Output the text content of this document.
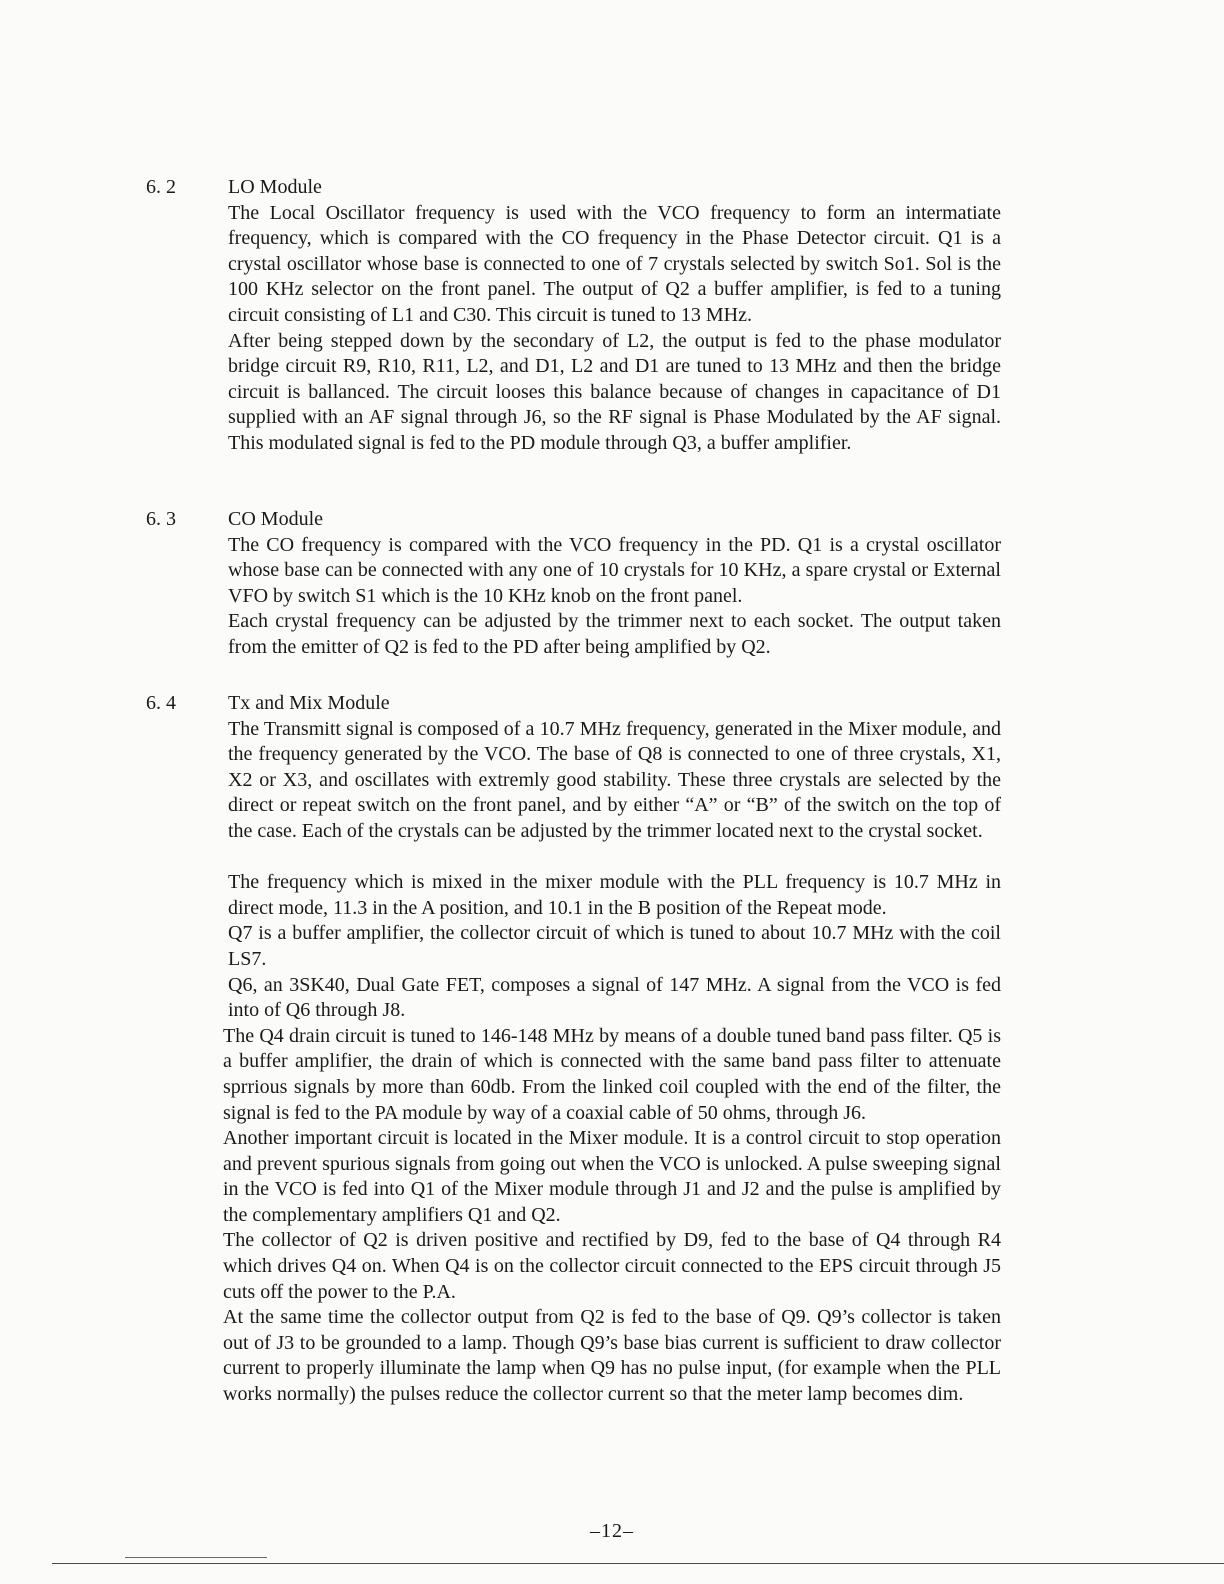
6. 2	LO Module

The Local Oscillator frequency is used with the VCO frequency to form an intermatiate frequency, which is compared with the CO frequency in the Phase Detector circuit. Q1 is a crystal oscillator whose base is connected to one of 7 crystals selected by switch So1. Sol is the 100 KHz selector on the front panel. The output of Q2 a buffer amplifier, is fed to a tuning circuit consisting of L1 and C30. This circuit is tuned to 13 MHz.

After being stepped down by the secondary of L2, the output is fed to the phase modulator bridge circuit R9, R10, R11, L2, and D1, L2 and D1 are tuned to 13 MHz and then the bridge circuit is ballanced. The circuit looses this balance because of changes in capacitance of D1 supplied with an AF signal through J6, so the RF signal is Phase Modulated by the AF signal. This modulated signal is fed to the PD module through Q3, a buffer amplifier.

6. 3	CO Module

The CO frequency is compared with the VCO frequency in the PD. Q1 is a crystal oscillator whose base can be connected with any one of 10 crystals for 10 KHz, a spare crystal or External VFO by switch S1 which is the 10 KHz knob on the front panel.

Each crystal frequency can be adjusted by the trimmer next to each socket. The output taken from the emitter of Q2 is fed to the PD after being amplified by Q2.

6. 4	Tx and Mix Module

The Transmitt signal is composed of a 10.7 MHz frequency, generated in the Mixer module, and the frequency generated by the VCO. The base of Q8 is connected to one of three crystals, X1, X2 or X3, and oscillates with extremly good stability. These three crystals are selected by the direct or repeat switch on the front panel, and by either “A” or “B” of the switch on the top of the case. Each of the crystals can be adjusted by the trimmer located next to the crystal socket.

The frequency which is mixed in the mixer module with the PLL frequency is 10.7 MHz in direct mode, 11.3 in the A position, and 10.1 in the B position of the Repeat mode.

Q7 is a buffer amplifier, the collector circuit of which is tuned to about 10.7 MHz with the coil LS7.

Q6, an 3SK40, Dual Gate FET, composes a signal of 147 MHz. A signal from the VCO is fed into of Q6 through J8.

The Q4 drain circuit is tuned to 146-148 MHz by means of a double tuned band pass filter. Q5 is a buffer amplifier, the drain of which is connected with the same band pass filter to attenuate sprrious signals by more than 60db. From the linked coil coupled with the end of the filter, the signal is fed to the PA module by way of a coaxial cable of 50 ohms, through J6.

Another important circuit is located in the Mixer module. It is a control circuit to stop operation and prevent spurious signals from going out when the VCO is unlocked. A pulse sweeping signal in the VCO is fed into Q1 of the Mixer module through J1 and J2 and the pulse is amplified by the complementary amplifiers Q1 and Q2.

The collector of Q2 is driven positive and rectified by D9, fed to the base of Q4 through R4 which drives Q4 on. When Q4 is on the collector circuit connected to the EPS circuit through J5 cuts off the power to the P.A.

At the same time the collector output from Q2 is fed to the base of Q9. Q9’s collector is taken out of J3 to be grounded to a lamp. Though Q9’s base bias current is sufficient to draw collector current to properly illuminate the lamp when Q9 has no pulse input, (for example when the PLL works normally) the pulses reduce the collector current so that the meter lamp becomes dim.

–12–
